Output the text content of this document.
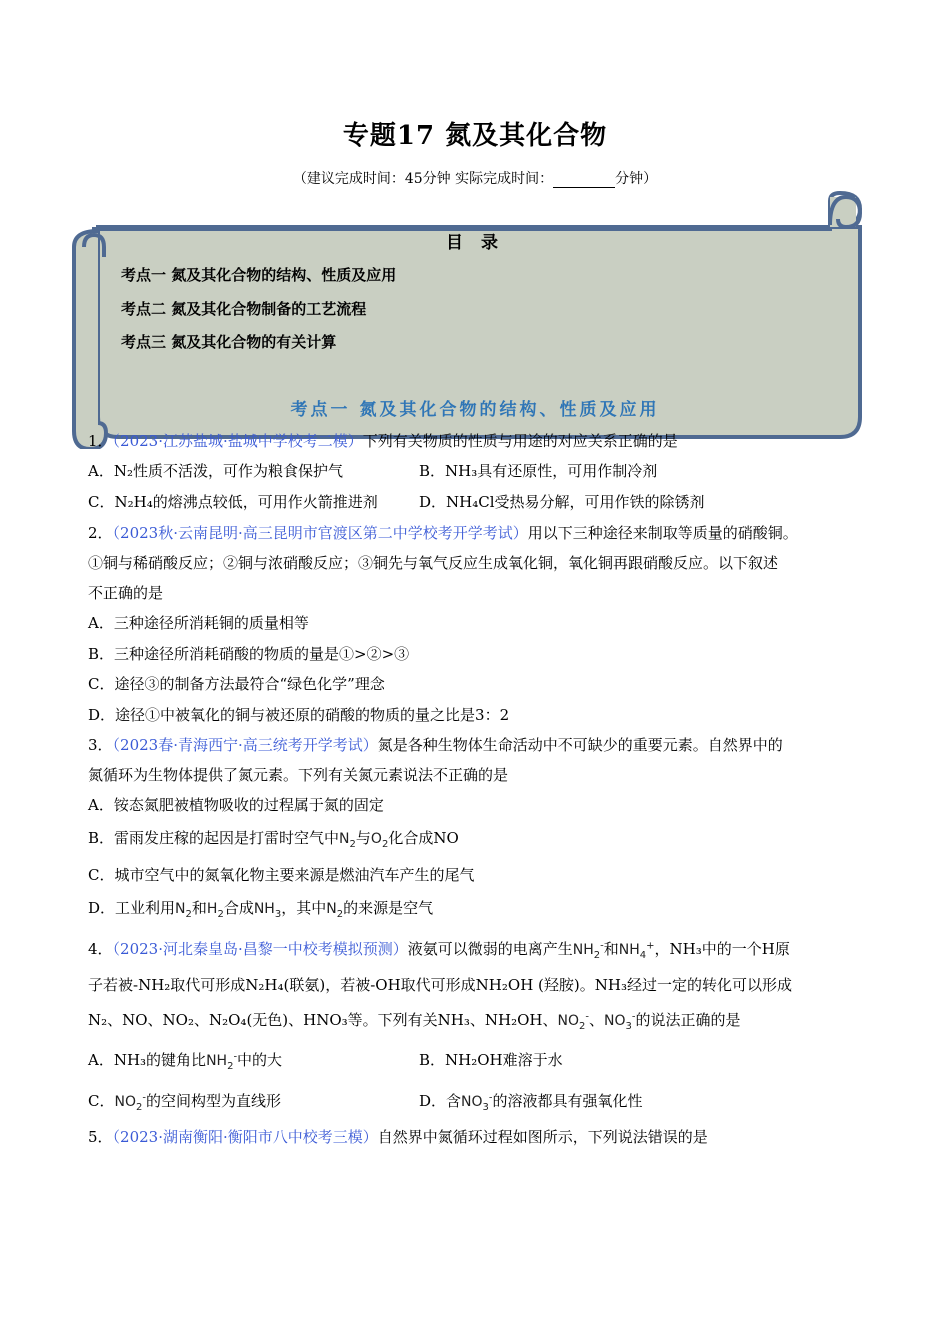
专题17 氮及其化合物
（建议完成时间：45分钟 实际完成时间：	分钟）
目 录
考点一 氮及其化合物的结构、性质及应用
考点二 氮及其化合物制备的工艺流程
考点三 氮及其化合物的有关计算
考点一 氮及其化合物的结构、性质及应用
1．（2023·江苏盐城·盐城中学校考二模）下列有关物质的性质与用途的对应关系正确的是
A．N₂性质不活泼，可作为粮食保护气	B．NH₃具有还原性，可用作制冷剂
C．N₂H₄的熔沸点较低，可用作火箭推进剂	D．NH₄Cl受热易分解，可用作铁的除锈剂
2．（2023秋·云南昆明·高三昆明市官渡区第二中学校考开学考试）用以下三种途径来制取等质量的硝酸铜。
①铜与稀硝酸反应；②铜与浓硝酸反应；③铜先与氧气反应生成氧化铜，氧化铜再跟硝酸反应。以下叙述
不正确的是
A．三种途径所消耗铜的质量相等
B．三种途径所消耗硝酸的物质的量是①>②>③
C．途径③的制备方法最符合“绿色化学”理念
D．途径①中被氧化的铜与被还原的硝酸的物质的量之比是3：2
3．（2023春·青海西宁·高三统考开学考试）氮是各种生物体生命活动中不可缺少的重要元素。自然界中的
氮循环为生物体提供了氮元素。下列有关氮元素说法不正确的是
A．铵态氮肥被植物吸收的过程属于氮的固定
B．雷雨发庄稼的起因是打雷时空气中$N_2$与$O_2$化合成NO
C．城市空气中的氮氧化物主要来源是燃油汽车产生的尾气
D．工业利用$N_2$和$H_2$合成$NH_3$，其中$N_2$的来源是空气
4．（2023·河北秦皇岛·昌黎一中校考模拟预测）液氨可以微弱的电离产生$NH_2^-$和$NH_4^+$，NH₃中的一个H原
子若被-NH₂取代可形成N₂H₄(联氨)，若被-OH取代可形成NH₂OH (羟胺)。NH₃经过一定的转化可以形成
N₂、NO、NO₂、N₂O₄(无色)、HNO₃等。下列有关NH₃、NH₂OH、$NO_2^-$、$NO_3^-$的说法正确的是
A．NH₃的键角比$NH_2^-$中的大	B．NH₂OH难溶于水
C．$NO_2^-$的空间构型为直线形	D．含$NO_3^-$的溶液都具有强氧化性
5．（2023·湖南衡阳·衡阳市八中校考三模）自然界中氮循环过程如图所示，下列说法错误的是
